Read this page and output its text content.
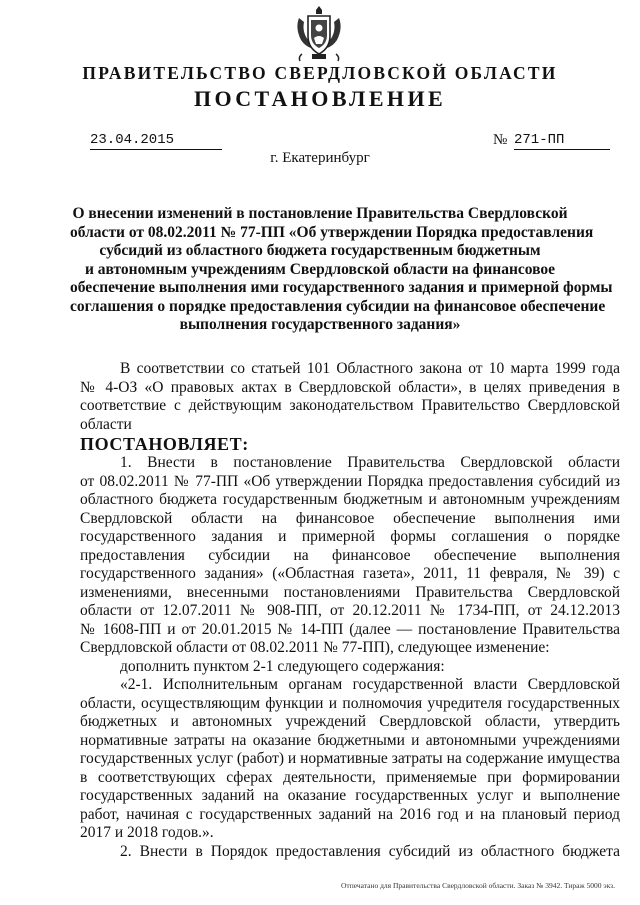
ПРАВИТЕЛЬСТВО СВЕРДЛОВСКОЙ ОБЛАСТИ
ПОСТАНОВЛЕНИЕ
23.04.2015	№ 271-ПП
г. Екатеринбург
О внесении изменений в постановление Правительства Свердловской
области от 08.02.2011 № 77-ПП «Об утверждении Порядка предоставления
субсидий из областного бюджета государственным бюджетным
и автономным учреждениям Свердловской области на финансовое
обеспечение выполнения ими государственного задания и примерной формы
соглашения о порядке предоставления субсидии на финансовое обеспечение
выполнения государственного задания»
В соответствии со статьей 101 Областного закона от 10 марта 1999 года
№ 4-ОЗ «О правовых актах в Свердловской области», в целях приведения в
соответствие с действующим законодательством Правительство Свердловской
области
ПОСТАНОВЛЯЕТ:
1. Внести в постановление Правительства Свердловской области
от 08.02.2011 № 77-ПП «Об утверждении Порядка предоставления субсидий из
областного бюджета государственным бюджетным и автономным учреждениям
Свердловской области на финансовое обеспечение выполнения ими
государственного задания и примерной формы соглашения о порядке
предоставления субсидии на финансовое обеспечение выполнения
государственного задания» («Областная газета», 2011, 11 февраля, № 39) с
изменениями, внесенными постановлениями Правительства Свердловской
области от 12.07.2011 № 908-ПП, от 20.12.2011 № 1734-ПП, от 24.12.2013
№ 1608-ПП и от 20.01.2015 № 14-ПП (далее — постановление Правительства
Свердловской области от 08.02.2011 № 77-ПП), следующее изменение:
дополнить пунктом 2-1 следующего содержания:
«2-1. Исполнительным органам государственной власти Свердловской
области, осуществляющим функции и полномочия учредителя государственных
бюджетных и автономных учреждений Свердловской области, утвердить
нормативные затраты на оказание бюджетными и автономными учреждениями
государственных услуг (работ) и нормативные затраты на содержание имущества
в соответствующих сферах деятельности, применяемые при формировании
государственных заданий на оказание государственных услуг и выполнение
работ, начиная с государственных заданий на 2016 год и на плановый период
2017 и 2018 годов.».
2. Внести в Порядок предоставления субсидий из областного бюджета
Отпечатано для Правительства Свердловской области. Заказ № 3942. Тираж 5000 экз.
